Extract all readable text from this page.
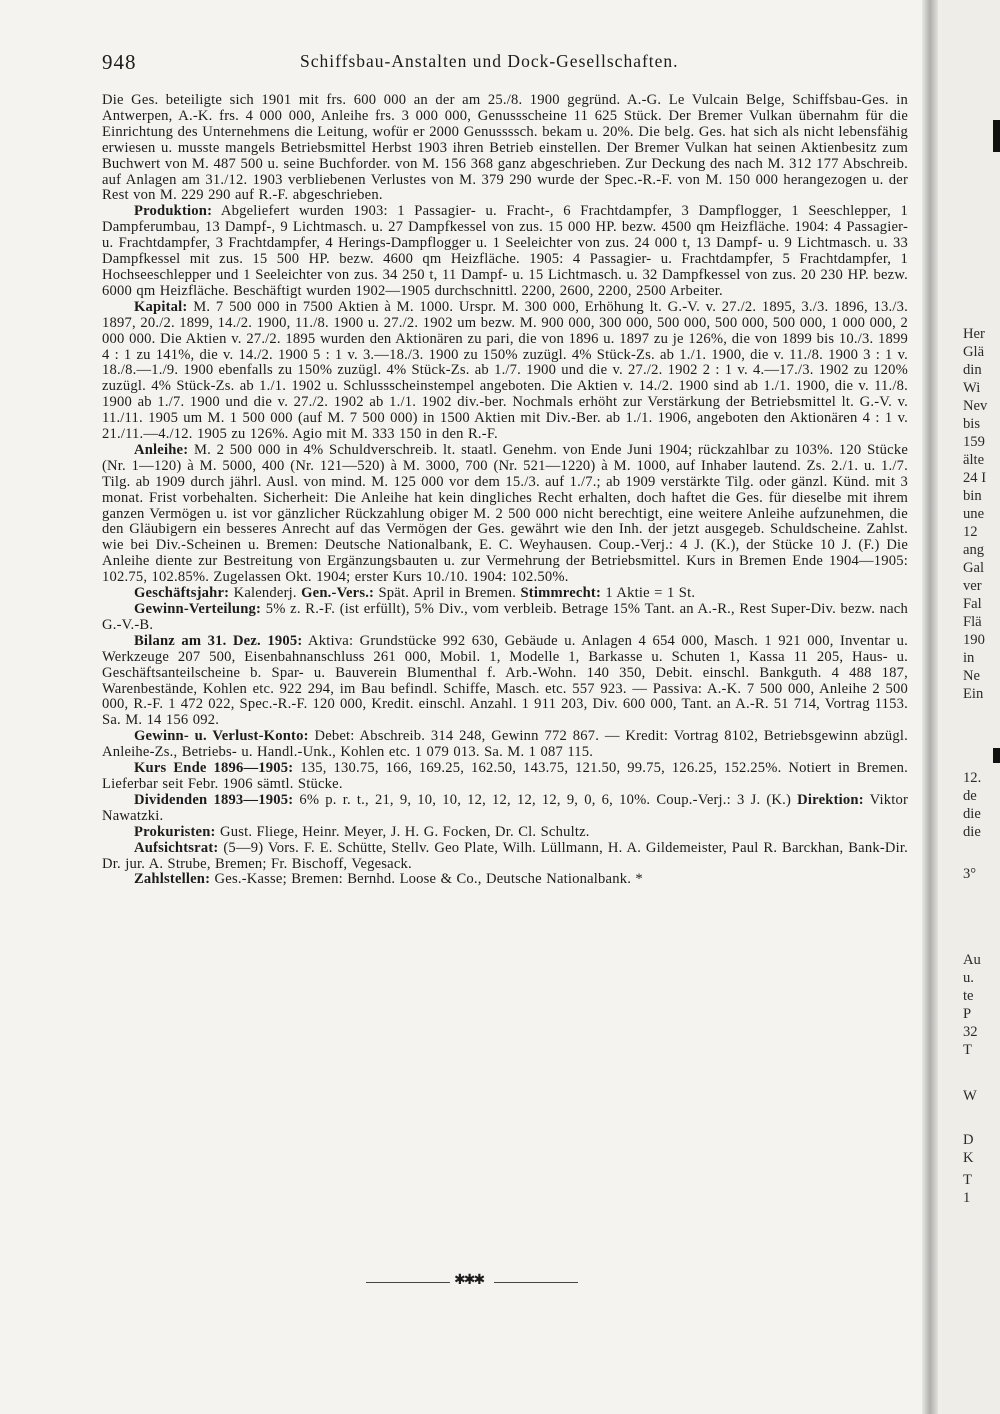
948	Schiffsbau-Anstalten und Dock-Gesellschaften.

Die Ges. beteiligte sich 1901 mit frs. 600 000 an der am 25./8. 1900 gegründ. A.-G. Le Vulcain Belge, Schiffsbau-Ges. in Antwerpen, A.-K. frs. 4 000 000, Anleihe frs. 3 000 000, Genussscheine 11 625 Stück. Der Bremer Vulkan übernahm für die Einrichtung des Unternehmens die Leitung, wofür er 2000 Genussssch. bekam u. 20%. Die belg. Ges. hat sich als nicht lebensfähig erwiesen u. musste mangels Betriebsmittel Herbst 1903 ihren Betrieb einstellen. Der Bremer Vulkan hat seinen Aktienbesitz zum Buchwert von M. 487 500 u. seine Buchforder. von M. 156 368 ganz abgeschrieben. Zur Deckung des nach M. 312 177 Abschreib. auf Anlagen am 31./12. 1903 verbliebenen Verlustes von M. 379 290 wurde der Spec.-R.-F. von M. 150 000 herangezogen u. der Rest von M. 229 290 auf R.-F. abgeschrieben.

Produktion: Abgeliefert wurden 1903: 1 Passagier- u. Fracht-, 6 Frachtdampfer, 3 Dampflogger, 1 Seeschlepper, 1 Dampferumbau, 13 Dampf-, 9 Lichtmasch. u. 27 Dampfkessel von zus. 15 000 HP. bezw. 4500 qm Heizfläche. 1904: 4 Passagier- u. Frachtdampfer, 3 Frachtdampfer, 4 Herings-Dampflogger u. 1 Seeleichter von zus. 24 000 t, 13 Dampf- u. 9 Lichtmasch. u. 33 Dampfkessel mit zus. 15 500 HP. bezw. 4600 qm Heizfläche. 1905: 4 Passagier- u. Frachtdampfer, 5 Frachtdampfer, 1 Hochseeschlepper und 1 Seeleichter von zus. 34 250 t, 11 Dampf- u. 15 Lichtmasch. u. 32 Dampfkessel von zus. 20 230 HP. bezw. 6000 qm Heizfläche. Beschäftigt wurden 1902—1905 durchschnittl. 2200, 2600, 2200, 2500 Arbeiter.

Kapital: M. 7 500 000 in 7500 Aktien à M. 1000. Urspr. M. 300 000, Erhöhung lt. G.-V. v. 27./2. 1895, 3./3. 1896, 13./3. 1897, 20./2. 1899, 14./2. 1900, 11./8. 1900 u. 27./2. 1902 um bezw. M. 900 000, 300 000, 500 000, 500 000, 500 000, 1 000 000, 2 000 000. Die Aktien v. 27./2. 1895 wurden den Aktionären zu pari, die von 1896 u. 1897 zu je 126%, die von 1899 bis 10./3. 1899 4 : 1 zu 141%, die v. 14./2. 1900 5 : 1 v. 3.—18./3. 1900 zu 150% zuzügl. 4% Stück-Zs. ab 1./1. 1900, die v. 11./8. 1900 3 : 1 v. 18./8.—1./9. 1900 ebenfalls zu 150% zuzügl. 4% Stück-Zs. ab 1./7. 1900 und die v. 27./2. 1902 2 : 1 v. 4.—17./3. 1902 zu 120% zuzügl. 4% Stück-Zs. ab 1./1. 1902 u. Schlussscheinstempel angeboten. Die Aktien v. 14./2. 1900 sind ab 1./1. 1900, die v. 11./8. 1900 ab 1./7. 1900 und die v. 27./2. 1902 ab 1./1. 1902 div.-ber. Nochmals erhöht zur Verstärkung der Betriebsmittel lt. G.-V. v. 11./11. 1905 um M. 1 500 000 (auf M. 7 500 000) in 1500 Aktien mit Div.-Ber. ab 1./1. 1906, angeboten den Aktionären 4 : 1 v. 21./11.—4./12. 1905 zu 126%. Agio mit M. 333 150 in den R.-F.

Anleihe: M. 2 500 000 in 4% Schuldverschreib. lt. staatl. Genehm. von Ende Juni 1904; rückzahlbar zu 103%. 120 Stücke (Nr. 1—120) à M. 5000, 400 (Nr. 121—520) à M. 3000, 700 (Nr. 521—1220) à M. 1000, auf Inhaber lautend. Zs. 2./1. u. 1./7. Tilg. ab 1909 durch jährl. Ausl. von mind. M. 125 000 vor dem 15./3. auf 1./7.; ab 1909 verstärkte Tilg. oder gänzl. Künd. mit 3 monat. Frist vorbehalten. Sicherheit: Die Anleihe hat kein dingliches Recht erhalten, doch haftet die Ges. für dieselbe mit ihrem ganzen Vermögen u. ist vor gänzlicher Rückzahlung obiger M. 2 500 000 nicht berechtigt, eine weitere Anleihe aufzunehmen, die den Gläubigern ein besseres Anrecht auf das Vermögen der Ges. gewährt wie den Inh. der jetzt ausgegeb. Schuldscheine. Zahlst. wie bei Div.-Scheinen u. Bremen: Deutsche Nationalbank, E. C. Weyhausen. Coup.-Verj.: 4 J. (K.), der Stücke 10 J. (F.) Die Anleihe diente zur Bestreitung von Ergänzungsbauten u. zur Vermehrung der Betriebsmittel. Kurs in Bremen Ende 1904—1905: 102.75, 102.85%. Zugelassen Okt. 1904; erster Kurs 10./10. 1904: 102.50%.

Geschäftsjahr: Kalenderj. Gen.-Vers.: Spät. April in Bremen. Stimmrecht: 1 Aktie = 1 St.

Gewinn-Verteilung: 5% z. R.-F. (ist erfüllt), 5% Div., vom verbleib. Betrage 15% Tant. an A.-R., Rest Super-Div. bezw. nach G.-V.-B.

Bilanz am 31. Dez. 1905: Aktiva: Grundstücke 992 630, Gebäude u. Anlagen 4 654 000, Masch. 1 921 000, Inventar u. Werkzeuge 207 500, Eisenbahnanschluss 261 000, Mobil. 1, Modelle 1, Barkasse u. Schuten 1, Kassa 11 205, Haus- u. Geschäftsanteilscheine b. Spar- u. Bauverein Blumenthal f. Arb.-Wohn. 140 350, Debit. einschl. Bankguth. 4 488 187, Warenbestände, Kohlen etc. 922 294, im Bau befindl. Schiffe, Masch. etc. 557 923. — Passiva: A.-K. 7 500 000, Anleihe 2 500 000, R.-F. 1 472 022, Spec.-R.-F. 120 000, Kredit. einschl. Anzahl. 1 911 203, Div. 600 000, Tant. an A.-R. 51 714, Vortrag 1153. Sa. M. 14 156 092.

Gewinn- u. Verlust-Konto: Debet: Abschreib. 314 248, Gewinn 772 867. — Kredit: Vortrag 8102, Betriebsgewinn abzügl. Anleihe-Zs., Betriebs- u. Handl.-Unk., Kohlen etc. 1 079 013. Sa. M. 1 087 115.

Kurs Ende 1896—1905: 135, 130.75, 166, 169.25, 162.50, 143.75, 121.50, 99.75, 126.25, 152.25%. Notiert in Bremen. Lieferbar seit Febr. 1906 sämtl. Stücke.

Dividenden 1893—1905: 6% p. r. t., 21, 9, 10, 10, 12, 12, 12, 12, 9, 0, 6, 10%. Coup.-Verj.: 3 J. (K.) Direktion: Viktor Nawatzki.

Prokuristen: Gust. Fliege, Heinr. Meyer, J. H. G. Focken, Dr. Cl. Schultz.

Aufsichtsrat: (5—9) Vors. F. E. Schütte, Stellv. Geo Plate, Wilh. Lüllmann, H. A. Gildemeister, Paul R. Barckhan, Bank-Dir. Dr. jur. A. Strube, Bremen; Fr. Bischoff, Vegesack.

Zahlstellen: Ges.-Kasse; Bremen: Bernhd. Loose & Co., Deutsche Nationalbank. *

✱✱✱
Her
Glä
din
Wi
Nev
bis
159
älte
24 I
bin
une
12
ang
Gal
ver
Fal
Flä
190
in
Ne
Ein
12.
de
die
die
3°
Au
u.
te
P
32
T
W
D
K
T
1
